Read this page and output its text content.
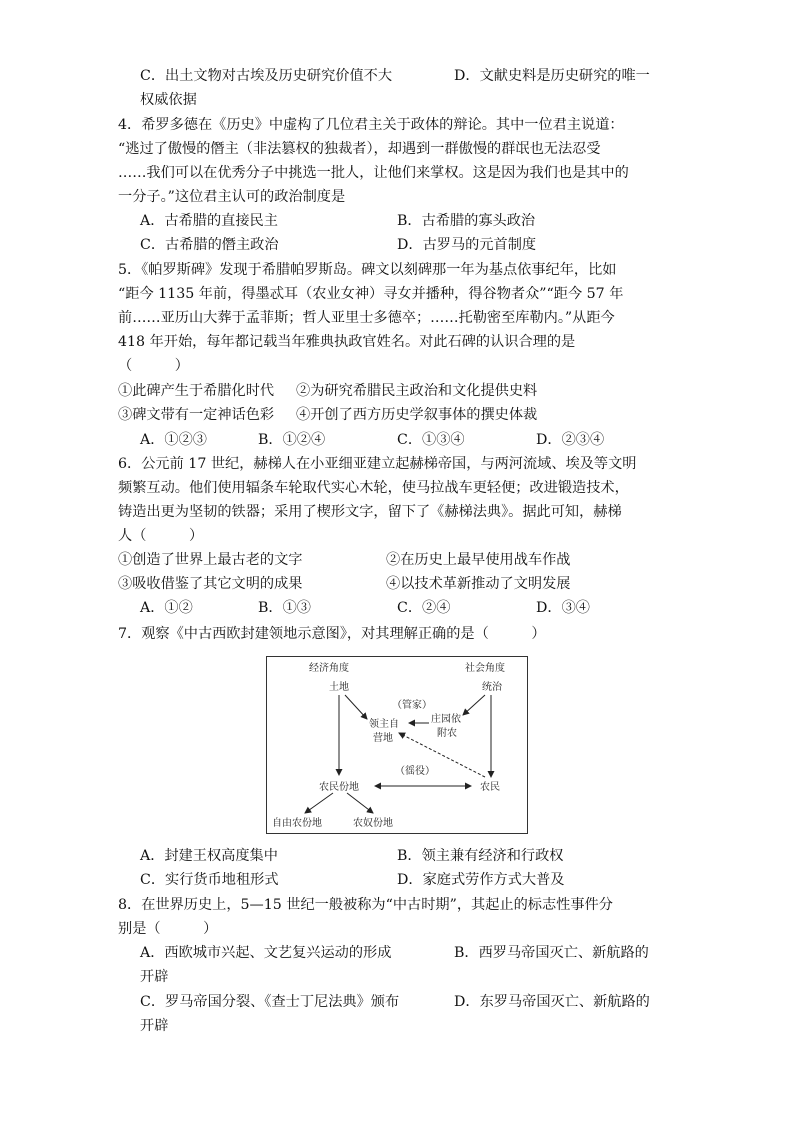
C．出土文物对古埃及历史研究价值不大	D．文献史料是历史研究的唯一
权威依据
4．希罗多德在《历史》中虚构了几位君主关于政体的辩论。其中一位君主说道：
“逃过了傲慢的僭主（非法篡权的独裁者），却遇到一群傲慢的群氓也无法忍受
……我们可以在优秀分子中挑选一批人，让他们来掌权。这是因为我们也是其中的
一分子。”这位君主认可的政治制度是
A．古希腊的直接民主	B．古希腊的寡头政治
C．古希腊的僭主政治	D．古罗马的元首制度
5．《帕罗斯碑》发现于希腊帕罗斯岛。碑文以刻碑那一年为基点依事纪年，比如
“距今 1135 年前，得墨忒耳（农业女神）寻女并播种，得谷物者众”“距今 57 年
前……亚历山大葬于孟菲斯；哲人亚里士多德卒；……托勒密至库勒内。”从距今
418 年开始，每年都记载当年雅典执政官姓名。对此石碑的认识合理的是
（　　　）
①此碑产生于希腊化时代 ②为研究希腊民主政治和文化提供史料
③碑文带有一定神话色彩 ④开创了西方历史学叙事体的撰史体裁
A．①②③	B．①②④	C．①③④	D．②③④
6．公元前 17 世纪，赫梯人在小亚细亚建立起赫梯帝国，与两河流域、埃及等文明
频繁互动。他们使用辐条车轮取代实心木轮，使马拉战车更轻便；改进锻造技术，
铸造出更为坚韧的铁器；采用了楔形文字，留下了《赫梯法典》。据此可知，赫梯
人（　　　）
①创造了世界上最古老的文字	②在历史上最早使用战车作战
③吸收借鉴了其它文明的成果	④以技术革新推动了文明发展
A．①②	B．①③	C．②④	D．③④
7．观察《中古西欧封建领地示意图》，对其理解正确的是（　　　）
经济角度	社会角度
土地	统治
（管家）
领主自
营地
庄园依
附农
（徭役）
农民份地	农民
自由农份地	农奴份地
A．封建王权高度集中	B．领主兼有经济和行政权
C．实行货币地租形式	D．家庭式劳作方式大普及
8．在世界历史上，5—15 世纪一般被称为“中古时期”，其起止的标志性事件分
别是（　　　）
A．西欧城市兴起、文艺复兴运动的形成	B．西罗马帝国灭亡、新航路的
开辟
C．罗马帝国分裂、《查士丁尼法典》颁布	D．东罗马帝国灭亡、新航路的
开辟
